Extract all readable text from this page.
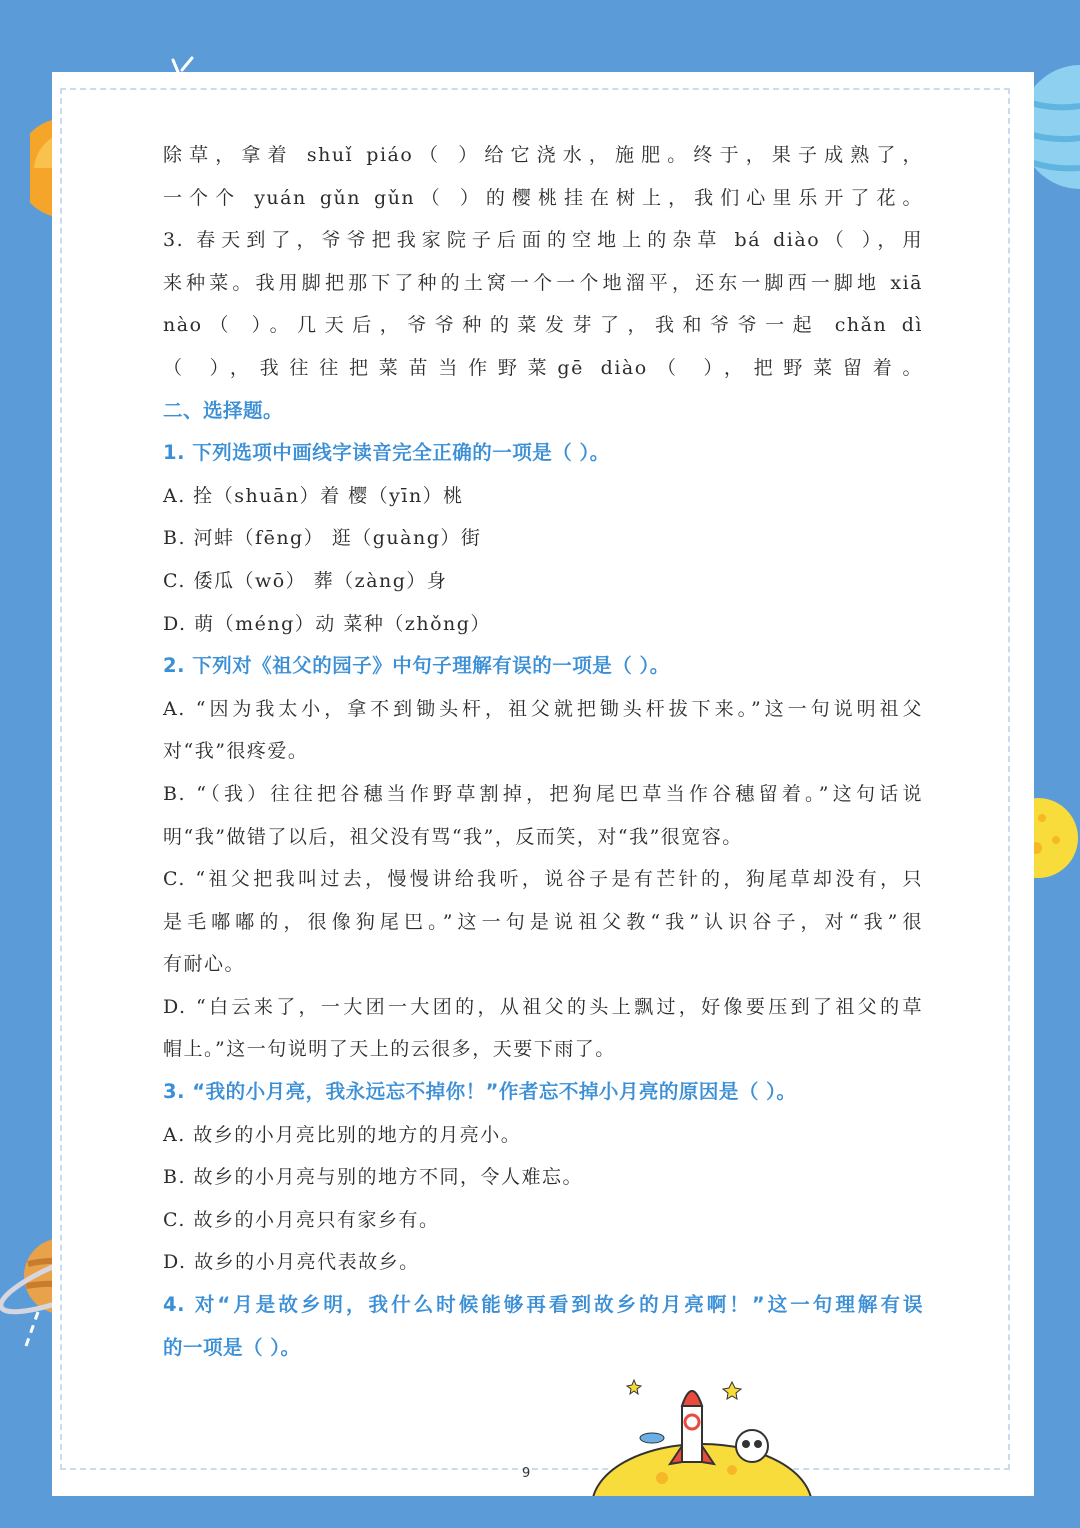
除草，拿着 shuǐ piáo（ ）给它浇水，施肥。终于，果子成熟了，
一个个 yuán gǔn gǔn（ ）的樱桃挂在树上，我们心里乐开了花。
3. 春天到了，爷爷把我家院子后面的空地上的杂草 bá diào（ ），用
来种菜。我用脚把那下了种的土窝一个一个地溜平，还东一脚西一脚地 xiā
nào（ ）。几天后，爷爷种的菜发芽了，我和爷爷一起 chǎn dì
（ ），我往往把菜苗当作野菜gē diào（ ），把野菜留着。
二、选择题。
1. 下列选项中画线字读音完全正确的一项是（ ）。
A. 拴（shuān）着 樱（yīn）桃
B. 河蚌（fēng） 逛（guàng）街
C. 倭瓜（wō） 葬（zàng）身
D. 萌（méng）动 菜种（zhǒng）
2. 下列对《祖父的园子》中句子理解有误的一项是（ ）。
A. “因为我太小，拿不到锄头杆，祖父就把锄头杆拔下来。”这一句说明祖父
对“我”很疼爱。
B. “（我）往往把谷穗当作野草割掉，把狗尾巴草当作谷穗留着。”这句话说
明“我”做错了以后，祖父没有骂“我”，反而笑，对“我”很宽容。
C. “祖父把我叫过去，慢慢讲给我听，说谷子是有芒针的，狗尾草却没有，只
是毛嘟嘟的，很像狗尾巴。”这一句是说祖父教“我”认识谷子，对“我”很
有耐心。
D. “白云来了，一大团一大团的，从祖父的头上飘过，好像要压到了祖父的草
帽上。”这一句说明了天上的云很多，天要下雨了。
3. “我的小月亮，我永远忘不掉你！”作者忘不掉小月亮的原因是（ ）。
A. 故乡的小月亮比别的地方的月亮小。
B. 故乡的小月亮与别的地方不同，令人难忘。
C. 故乡的小月亮只有家乡有。
D. 故乡的小月亮代表故乡。
4. 对“月是故乡明，我什么时候能够再看到故乡的月亮啊！”这一句理解有误
的一项是（ ）。
9
